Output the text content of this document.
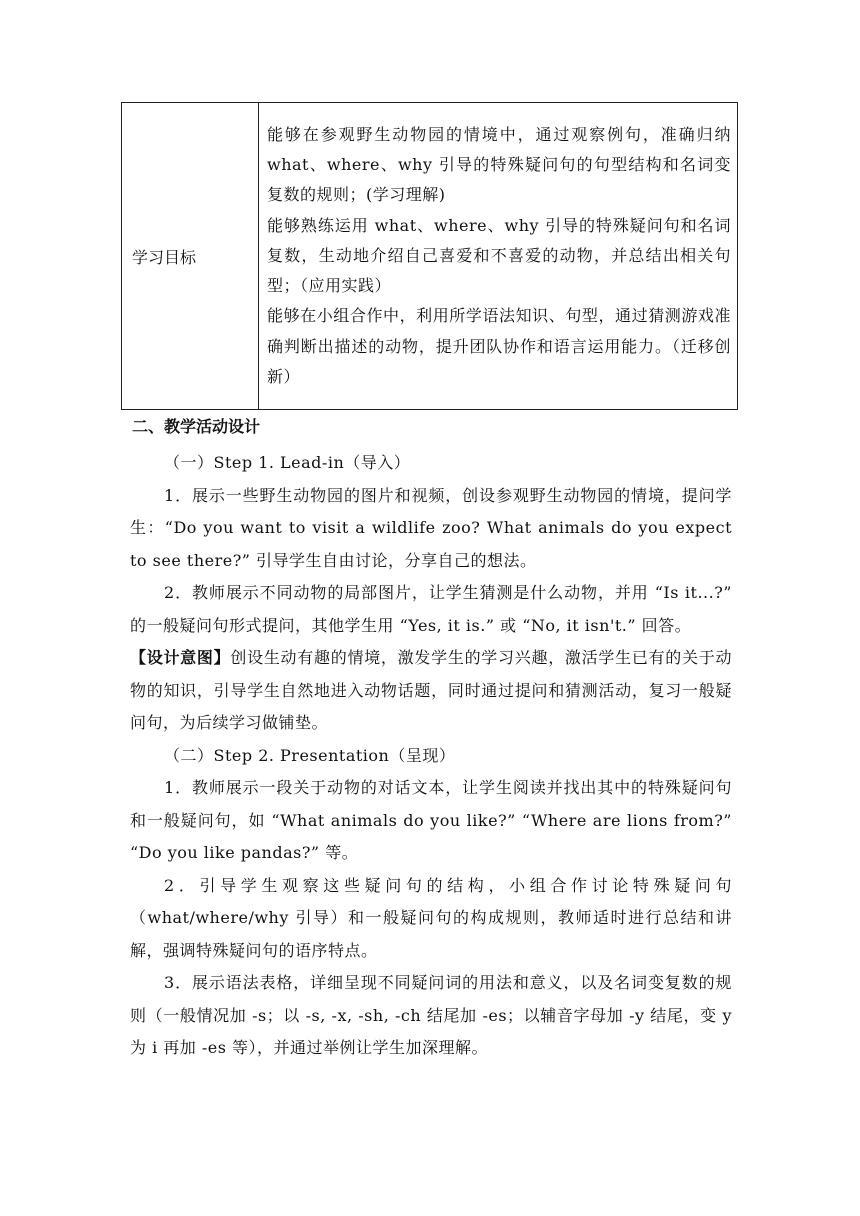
学习目标	

能够在参观野生动物园的情境中，通过观察例句，准确归纳 what、where、why 引导的特殊疑问句的句型结构和名词变复数的规则；(学习理解)

能够熟练运用 what、where、why 引导的特殊疑问句和名词复数，生动地介绍自己喜爱和不喜爱的动物，并总结出相关句型；（应用实践）

能够在小组合作中，利用所学语法知识、句型，通过猜测游戏准确判断出描述的动物，提升团队协作和语言运用能力。（迁移创新）

二、教学活动设计

（一）Step 1. Lead-in（导入）

1．展示一些野生动物园的图片和视频，创设参观野生动物园的情境，提问学生：“Do you want to visit a wildlife zoo? What animals do you expect to see there?” 引导学生自由讨论，分享自己的想法。

2．教师展示不同动物的局部图片，让学生猜测是什么动物，并用 “Is it...?” 的一般疑问句形式提问，其他学生用 “Yes, it is.” 或 “No, it isn't.” 回答。

【设计意图】创设生动有趣的情境，激发学生的学习兴趣，激活学生已有的关于动物的知识，引导学生自然地进入动物话题，同时通过提问和猜测活动，复习一般疑问句，为后续学习做铺垫。

（二）Step 2. Presentation（呈现）

1．教师展示一段关于动物的对话文本，让学生阅读并找出其中的特殊疑问句和一般疑问句，如 “What animals do you like?” “Where are lions from?” “Do you like pandas?” 等。

2．引导学生观察这些疑问句的结构，小组合作讨论特殊疑问句（what/where/why 引导）和一般疑问句的构成规则，教师适时进行总结和讲解，强调特殊疑问句的语序特点。

3．展示语法表格，详细呈现不同疑问词的用法和意义，以及名词变复数的规则（一般情况加 -s；以 -s, -x, -sh, -ch 结尾加 -es；以辅音字母加 -y 结尾，变 y 为 i 再加 -es 等），并通过举例让学生加深理解。
